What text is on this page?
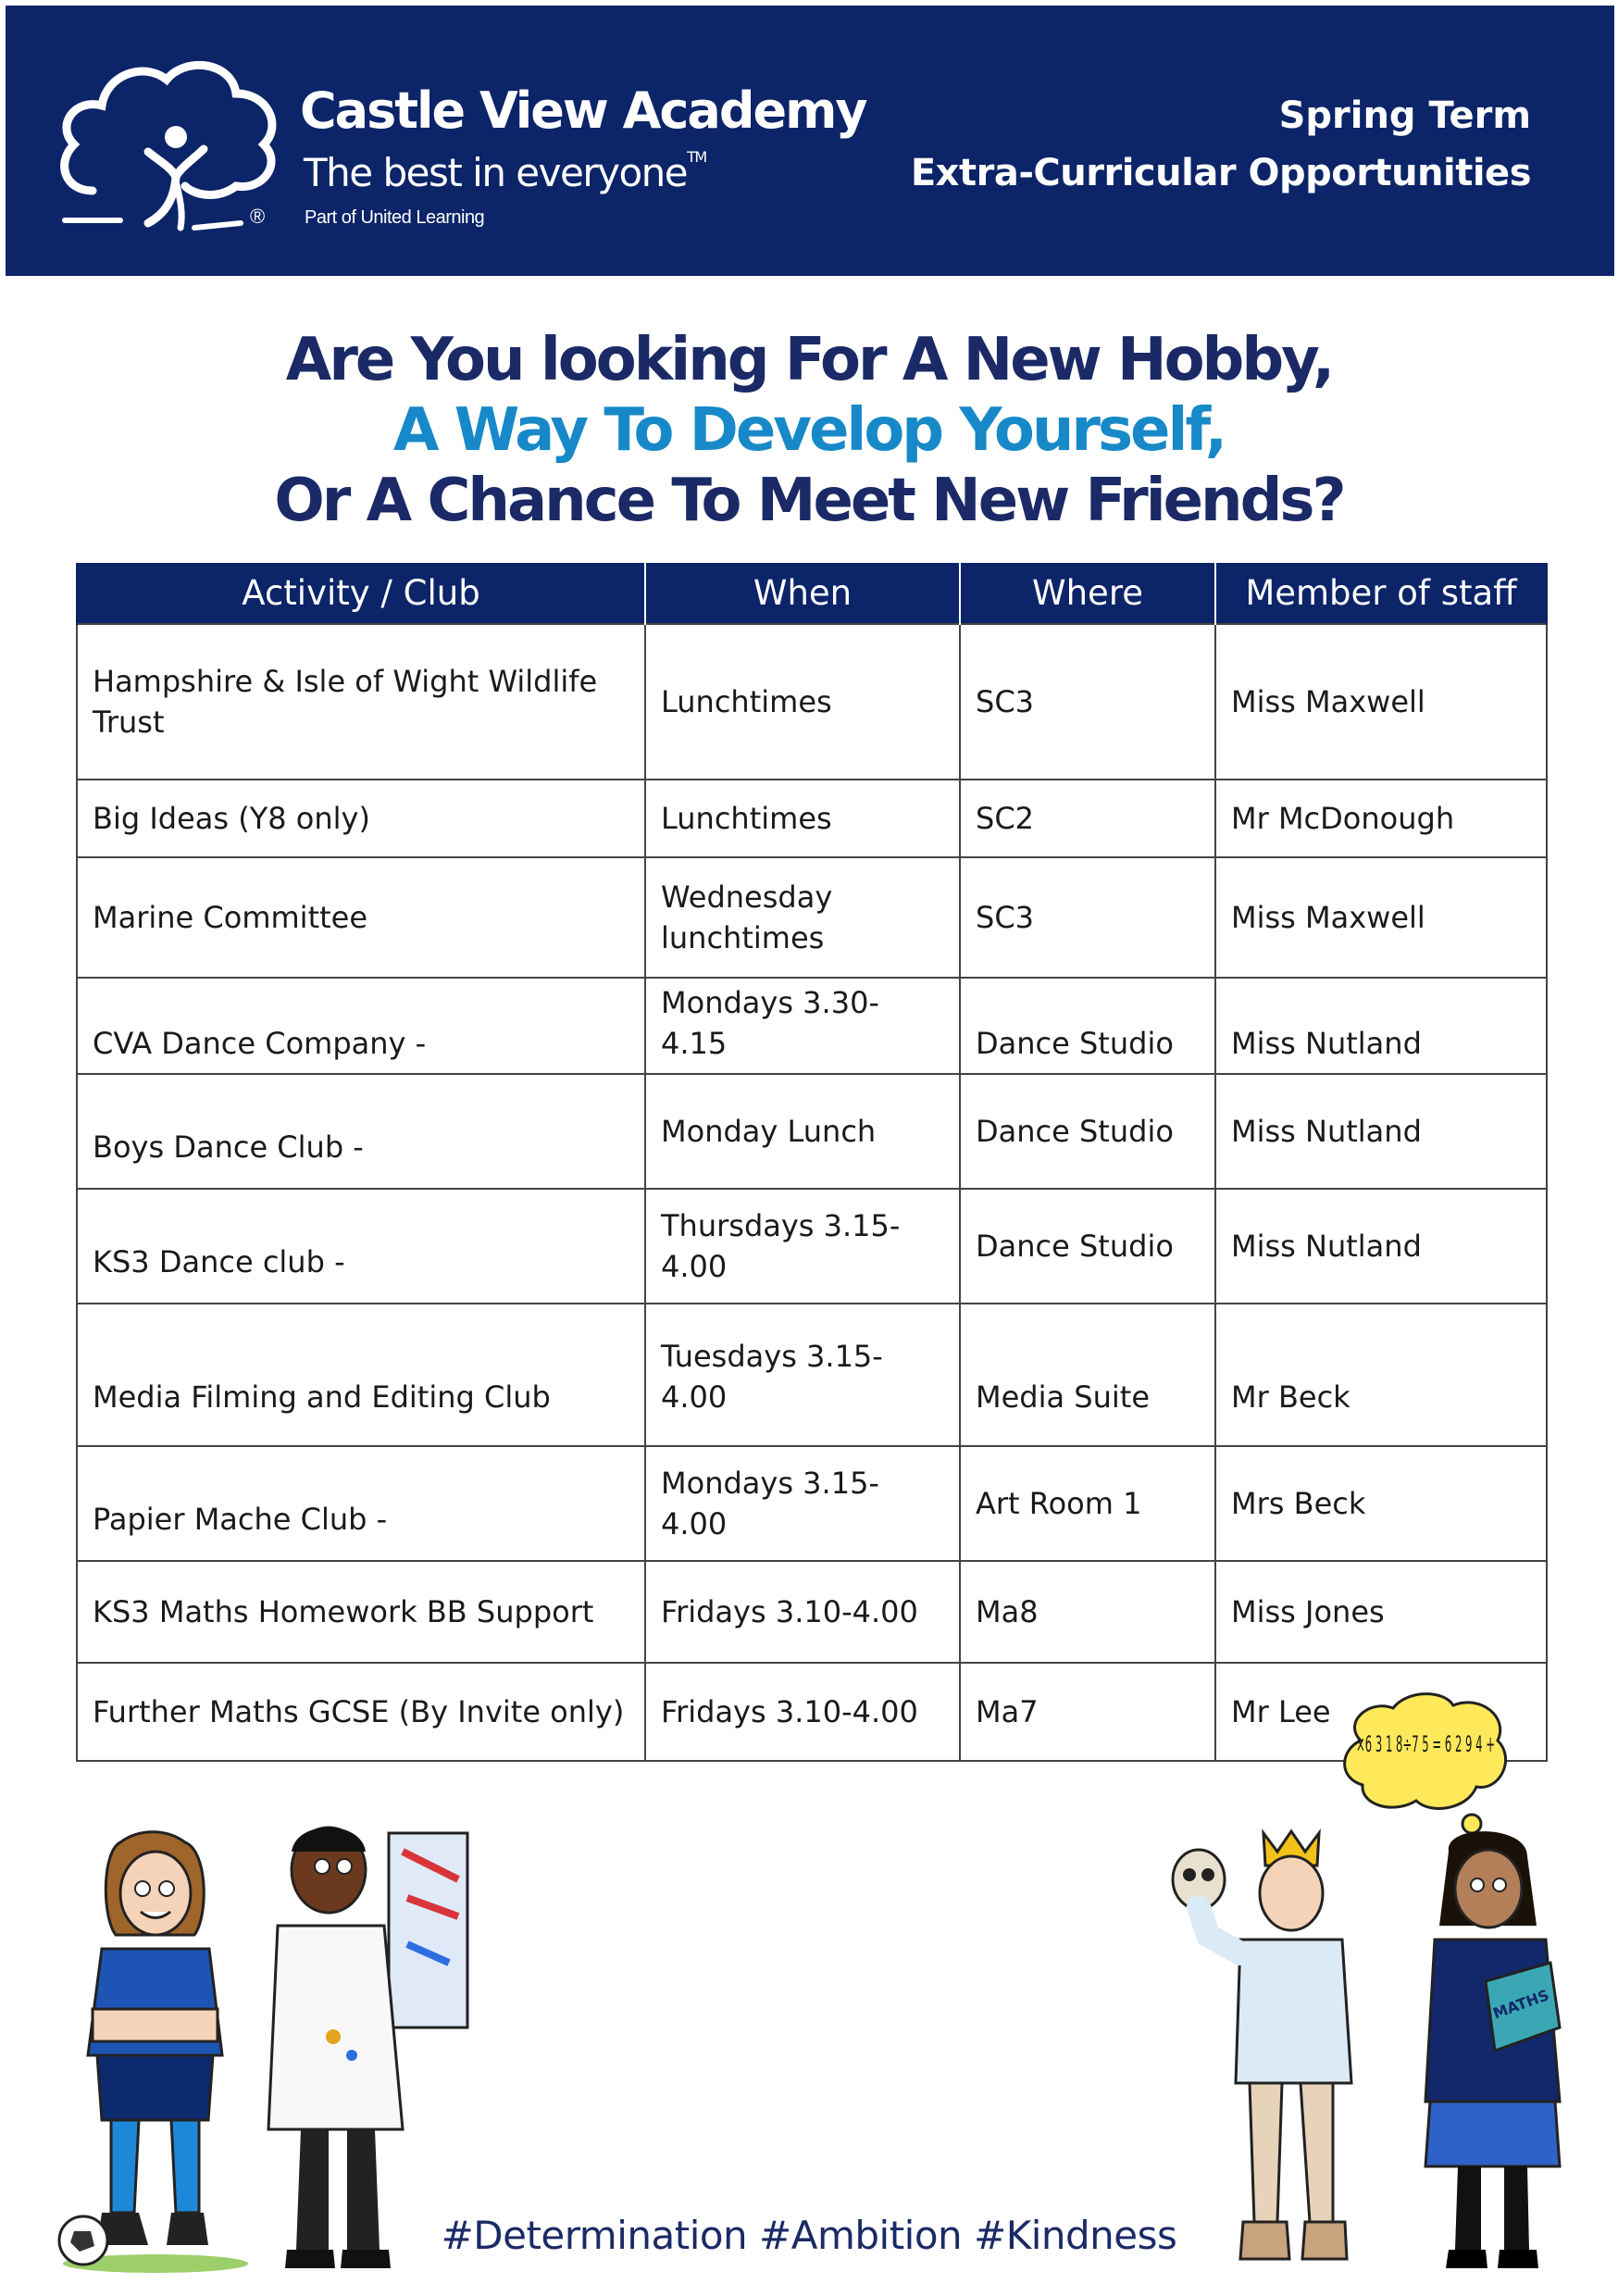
®
Castle View Academy
The best in everyone™
Part of United Learning
Spring Term
Extra-Curricular Opportunities
Are You looking For A New Hobby,
A Way To Develop Yourself,
Or A Chance To Meet New Friends?
Activity / Club	When	Where	Member of staff
Hampshire & Isle of Wight Wildlife Trust	Lunchtimes	SC3	Miss Maxwell
Big Ideas (Y8 only)	Lunchtimes	SC2	Mr McDonough
Marine Committee	Wednesday lunchtimes	SC3	Miss Maxwell
CVA Dance Company -	Mondays 3.30-4.15	Dance Studio	Miss Nutland
Boys Dance Club -	Monday Lunch	Dance Studio	Miss Nutland
KS3 Dance club -	Thursdays 3.15-4.00	Dance Studio	Miss Nutland
Media Filming and Editing Club	Tuesdays 3.15-4.00	Media Suite	Mr Beck
Papier Mache Club -	Mondays 3.15-4.00	Art Room 1	Mrs Beck
KS3 Maths Homework BB Support	Fridays 3.10-4.00	Ma8	Miss Jones
Further Maths GCSE (By Invite only)	Fridays 3.10-4.00	Ma7	Mr Lee
×6 3 1 8÷7 5 = 6 2 9 4 +
MATHS
#Determination #Ambition #Kindness
